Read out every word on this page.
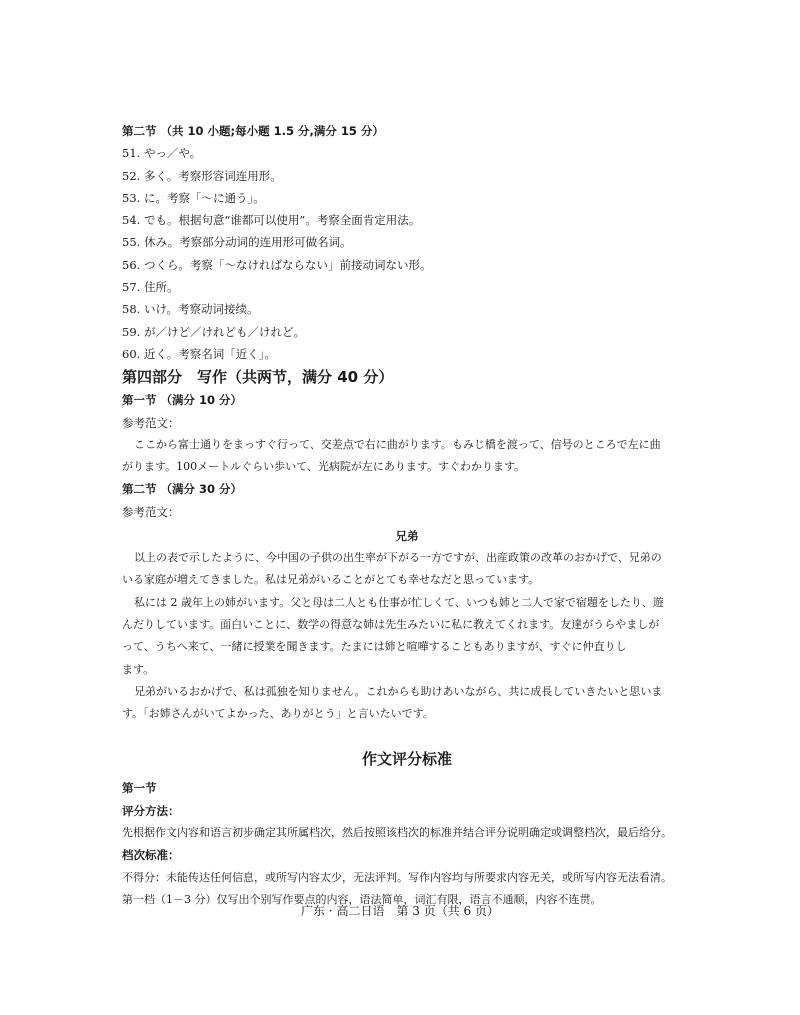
第二节 （共 10 小题;每小题 1.5 分,满分 15 分）
51. やっ／や。
52. 多く。考察形容词连用形。
53. に。考察「～に通う」。
54. でも。根据句意“谁都可以使用”。考察全面肯定用法。
55. 休み。考察部分动词的连用形可做名词。
56. つくら。考察「～なければならない」前接动词ない形。
57. 住所。
58. いけ。考察动词接续。
59. が／けど／けれども／けれど。
60. 近く。考察名词「近く」。
第四部分　写作（共两节，满分 40 分）
第一节 （满分 10 分）
参考范文：
ここから富士通りをまっすぐ行って、交差点で右に曲がります。もみじ橋を渡って、信号のところで左に曲
がります。100メートルぐらい歩いて、光病院が左にあります。すぐわかります。
第二节 （满分 30 分）
参考范文：
兄弟
以上の表で示したように、今中国の子供の出生率が下がる一方ですが、出産政策の改革のおかげで、兄弟の
いる家庭が増えてきました。私は兄弟がいることがとても幸せなだと思っています。
私には 2 歳年上の姉がいます。父と母は二人とも仕事が忙しくて、いつも姉と二人で家で宿題をしたり、遊
んだりしています。面白いことに、数学の得意な姉は先生みたいに私に教えてくれます。友達がうらやましが
って、うちへ来て、一緒に授業を聞きます。たまには姉と喧嘩することもありますが、すぐに仲直りし
ます。
兄弟がいるおかげで、私は孤独を知りません。これからも助けあいながら、共に成長していきたいと思いま
す。「お姉さんがいてよかった、ありがとう」と言いたいです。
作文评分标准
第一节
评分方法：
先根据作文内容和语言初步确定其所属档次，然后按照该档次的标准并结合评分说明确定或调整档次，最后给分。
档次标准：
不得分：未能传达任何信息，或所写内容太少，无法评判。写作内容均与所要求内容无关，或所写内容无法看清。
第一档（1－3 分）仅写出个别写作要点的内容，语法简单，词汇有限，语言不通顺，内容不连贯。
广东 · 高二日语　第 3 页（共 6 页）
